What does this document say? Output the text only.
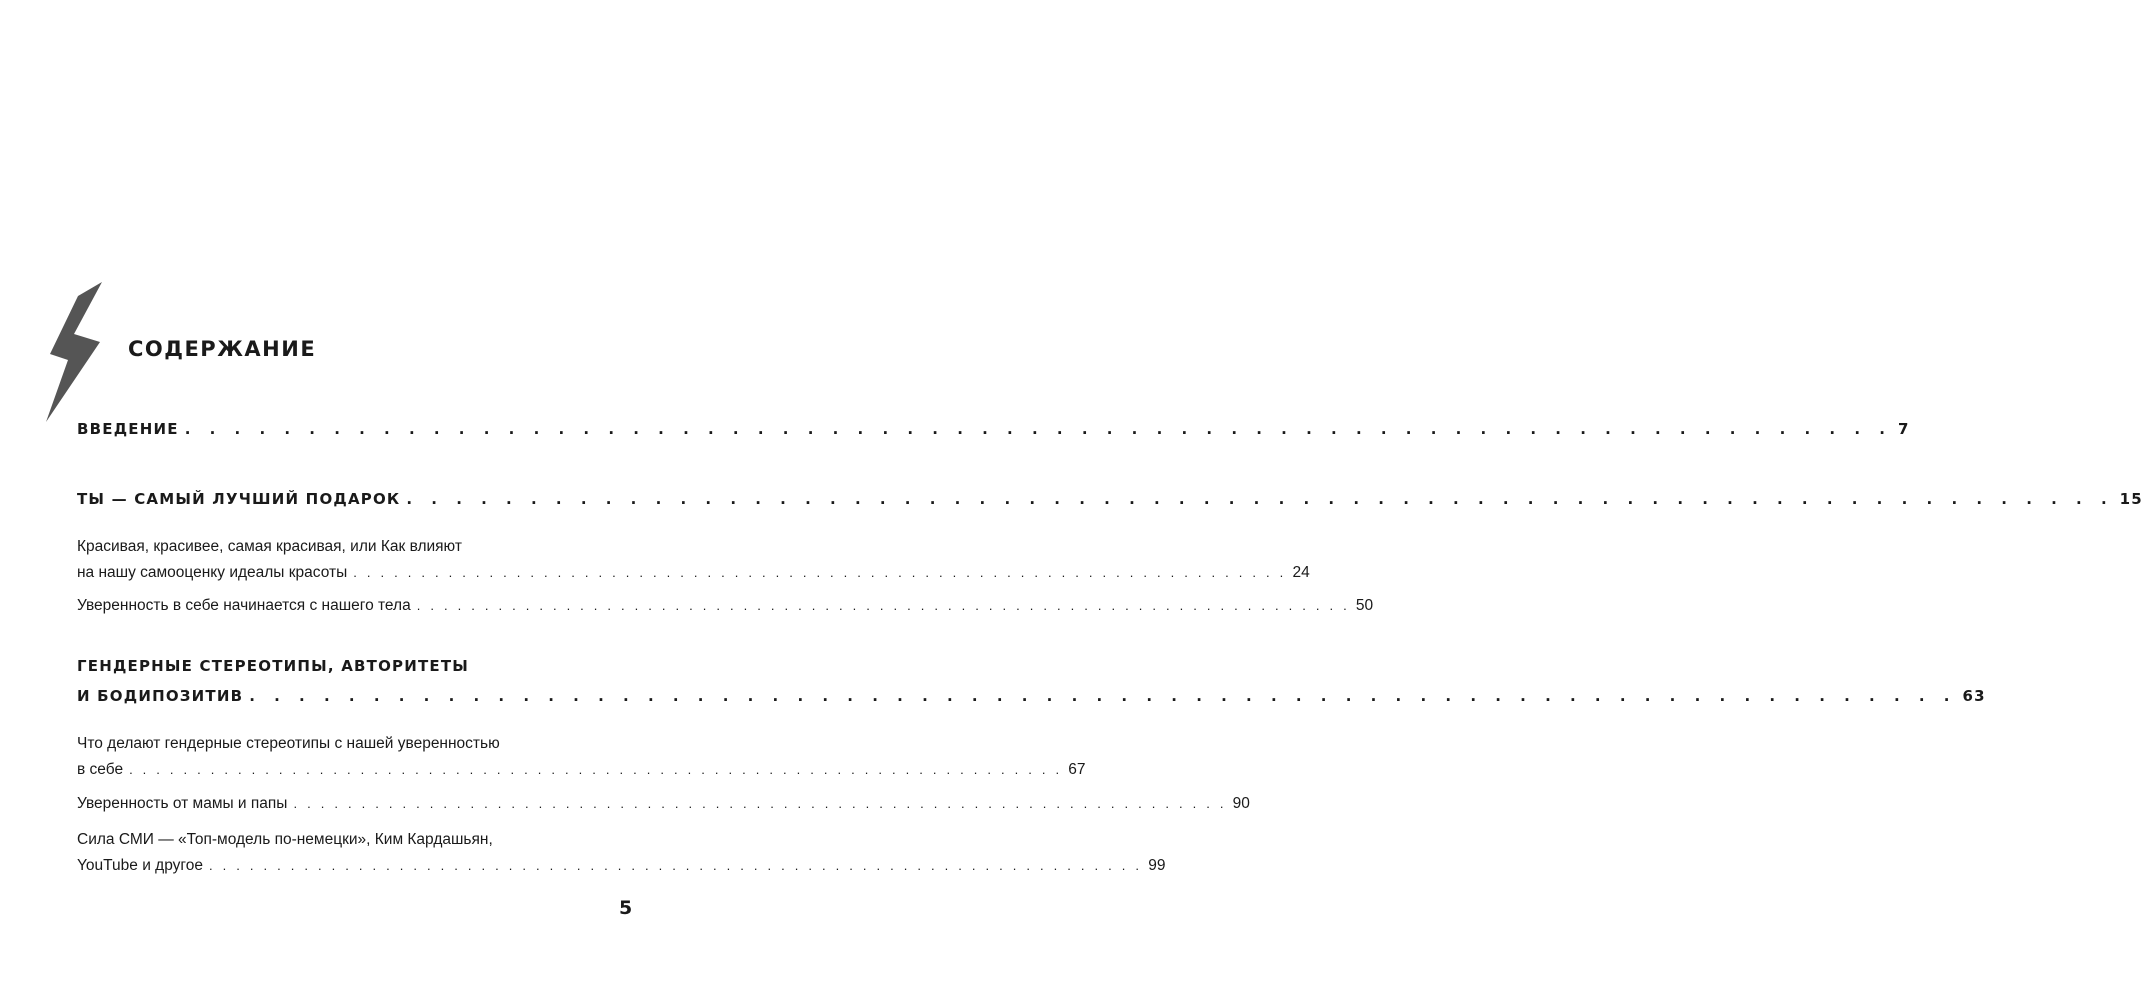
СОДЕРЖАНИЕ
ВВЕДЕНИЕ . . . . . . . . . . . . . . . . . . . . . . . . . . . . . . . . . . . . . . . . . . . . . . . . . . . . . . . . . . . . . . . . . . . . . 7
ТЫ — САМЫЙ ЛУЧШИЙ ПОДАРОК . . . . . . . . . . . . . . . . . . . . . . . . . . . . . . . . . . . . . . . . . . . . . . . . . . . . . . . . . . . . . . . . . . . . . 15
Красивая, красивее, самая красивая, или Как влияют
на нашу самооценку идеалы красоты . . . . . . . . . . . . . . . . . . . . . . . . . . . . . . . . . . . . . . . . . . . . . . . . . . . . . . . . . . . . . . . . . . . . . 24
Уверенность в себе начинается с нашего тела . . . . . . . . . . . . . . . . . . . . . . . . . . . . . . . . . . . . . . . . . . . . . . . . . . . . . . . . . . . . . . . . . . . . . 50
ГЕНДЕРНЫЕ СТЕРЕОТИПЫ, АВТОРИТЕТЫ
И БОДИПОЗИТИВ . . . . . . . . . . . . . . . . . . . . . . . . . . . . . . . . . . . . . . . . . . . . . . . . . . . . . . . . . . . . . . . . . . . . . 63
Что делают гендерные стереотипы с нашей уверенностью
в себе . . . . . . . . . . . . . . . . . . . . . . . . . . . . . . . . . . . . . . . . . . . . . . . . . . . . . . . . . . . . . . . . . . . . . 67
Уверенность от мамы и папы . . . . . . . . . . . . . . . . . . . . . . . . . . . . . . . . . . . . . . . . . . . . . . . . . . . . . . . . . . . . . . . . . . . . . 90
Сила СМИ — «Топ-модель по-немецки», Ким Кардашьян,
YouTube и другое . . . . . . . . . . . . . . . . . . . . . . . . . . . . . . . . . . . . . . . . . . . . . . . . . . . . . . . . . . . . . . . . . . . . . 99
5
